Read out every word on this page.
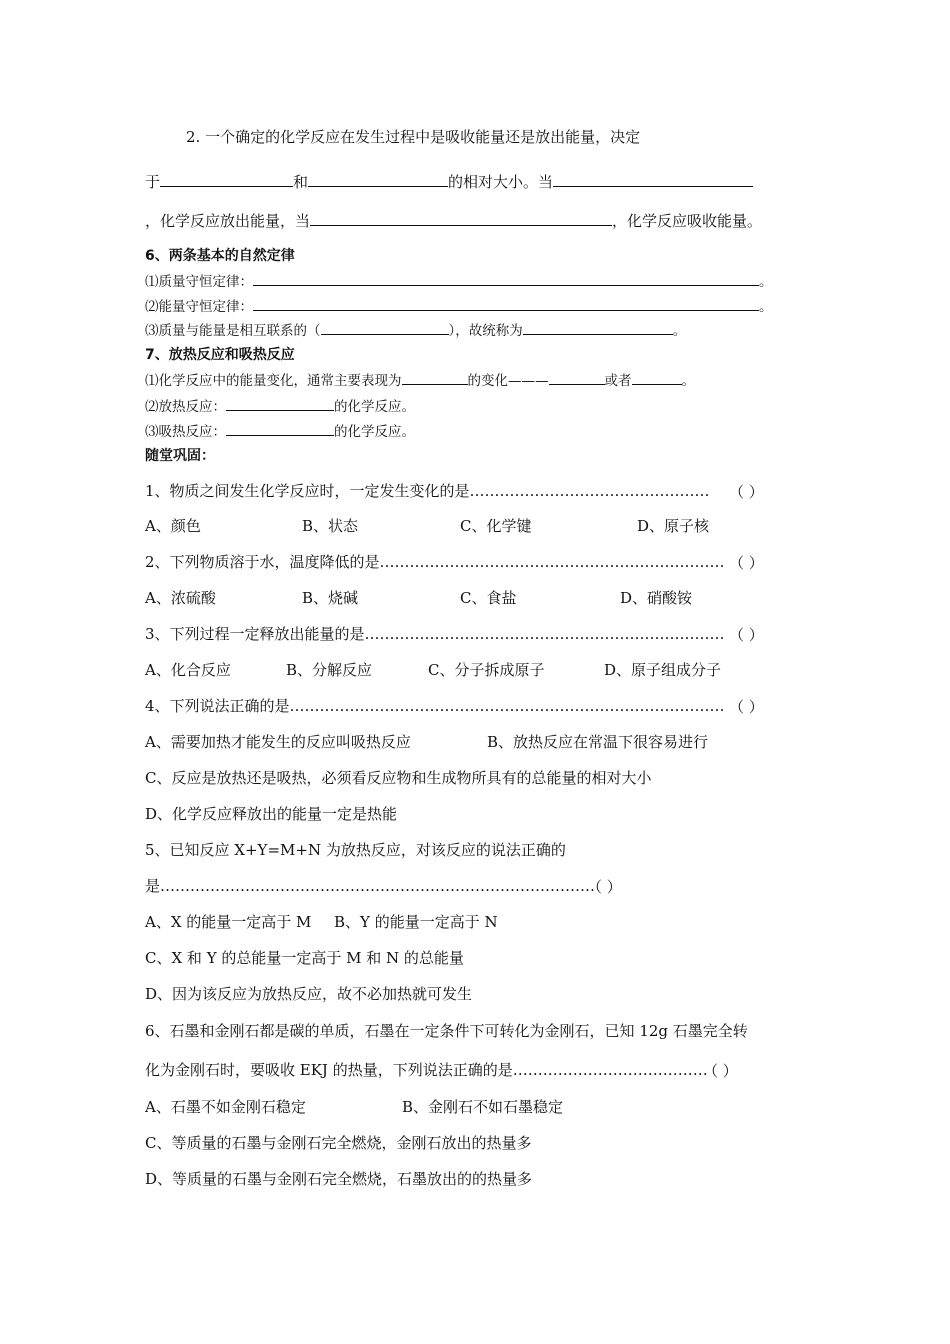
2. 一个确定的化学反应在发生过程中是吸收能量还是放出能量，决定
于	和	的相对大小。当
，化学反应放出能量，当	，化学反应吸收能量。
6、两条基本的自然定律
⑴质量守恒定律：	。
⑵能量守恒定律：	。
⑶质量与能量是相互联系的（	），故统称为	。
7、放热反应和吸热反应
⑴化学反应中的能量变化，通常主要表现为	的变化———	或者	。
⑵放热反应：	的化学反应。
⑶吸热反应：	的化学反应。
随堂巩固：
1、物质之间发生化学反应时，一定发生变化的是………………………………………… （ ）
A、颜色	B、状态	C、化学键	D、原子核
2、下列物质溶于水，温度降低的是…………………………………………………………… （ ）
A、浓硫酸	B、烧碱	C、食盐	D、硝酸铵
3、下列过程一定释放出能量的是……………………………………………………………… （ ）
A、化合反应	B、分解反应	C、分子拆成原子	D、原子组成分子
4、下列说法正确的是…………………………………………………………………………… （ ）
A、需要加热才能发生的反应叫吸热反应	B、放热反应在常温下很容易进行
C、反应是放热还是吸热，必须看反应物和生成物所具有的总能量的相对大小
D、化学反应释放出的能量一定是热能
5、已知反应 X+Y=M+N 为放热反应，对该反应的说法正确的
是……………………………………………………………………………
（ ）
A、X 的能量一定高于 M B、Y 的能量一定高于 N
C、X 和 Y 的总能量一定高于 M 和 N 的总能量
D、因为该反应为放热反应，故不必加热就可发生
6、石墨和金刚石都是碳的单质，石墨在一定条件下可转化为金刚石，已知 12g 石墨完全转
化为金刚石时，要吸收 EKJ 的热量，下列说法正确的是…………………………………
（ ）
A、石墨不如金刚石稳定	B、金刚石不如石墨稳定
C、等质量的石墨与金刚石完全燃烧，金刚石放出的热量多
D、等质量的石墨与金刚石完全燃烧，石墨放出的的热量多
